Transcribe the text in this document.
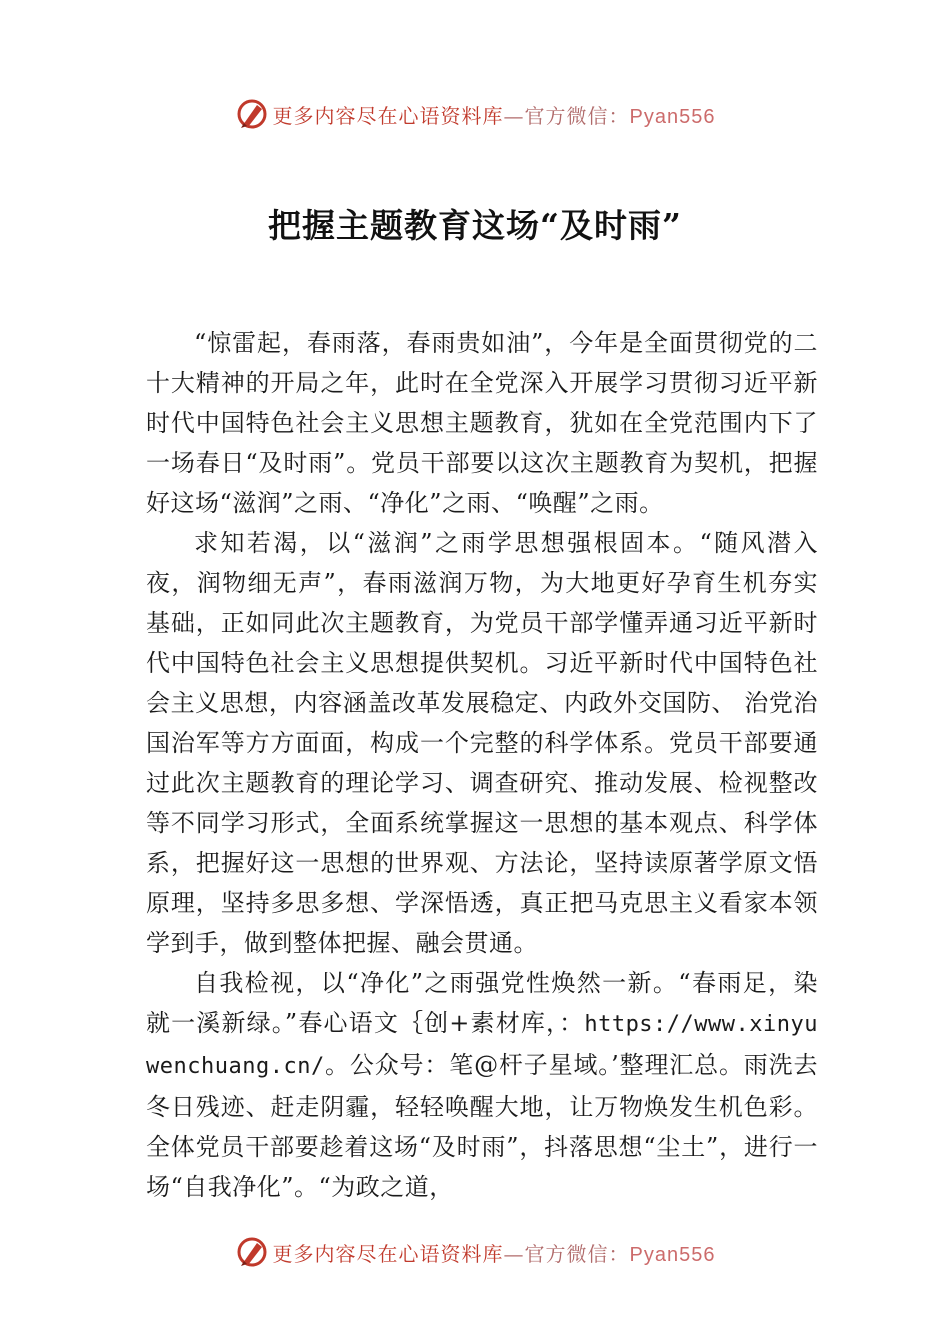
更多内容尽在心语资料库—官方微信：Pyan556
把握主题教育这场“及时雨”

“惊雷起，春雨落，春雨贵如油”，今年是全面贯彻党的二十大精神的开局之年，此时在全党深入开展学习贯彻习近平新时代中国特色社会主义思想主题教育，犹如在全党范围内下了一场春日“及时雨”。党员干部要以这次主题教育为契机，把握好这场“滋润”之雨、“净化”之雨、“唤醒”之雨。

求知若渴，以“滋润”之雨学思想强根固本。“随风潜入夜，润物细无声”，春雨滋润万物，为大地更好孕育生机夯实基础，正如同此次主题教育，为党员干部学懂弄通习近平新时代中国特色社会主义思想提供契机。习近平新时代中国特色社会主义思想，内容涵盖改革发展稳定、内政外交国防、 治党治国治军等方方面面，构成一个完整的科学体系。党员干部要通过此次主题教育的理论学习、调查研究、推动发展、检视整改等不同学习形式，全面系统掌握这一思想的基本观点、科学体系，把握好这一思想的世界观、方法论，坚持读原著学原文悟原理，坚持多思多想、学深悟透，真正把马克思主义看家本领学到手，做到整体把握、融会贯通。

自我检视，以“净化”之雨强党性焕然一新。“春雨足，染就一溪新绿。”春心语文｛创+素材库，：https://www.xinyuwenchuang.cn/。公众号：笔@杆子星域。’整理汇总。雨洗去冬日残迹、赶走阴霾，轻轻唤醒大地，让万物焕发生机色彩。全体党员干部要趁着这场“及时雨”，抖落思想“尘土”，进行一场“自我净化”。“为政之道，

更多内容尽在心语资料库—官方微信：Pyan556
